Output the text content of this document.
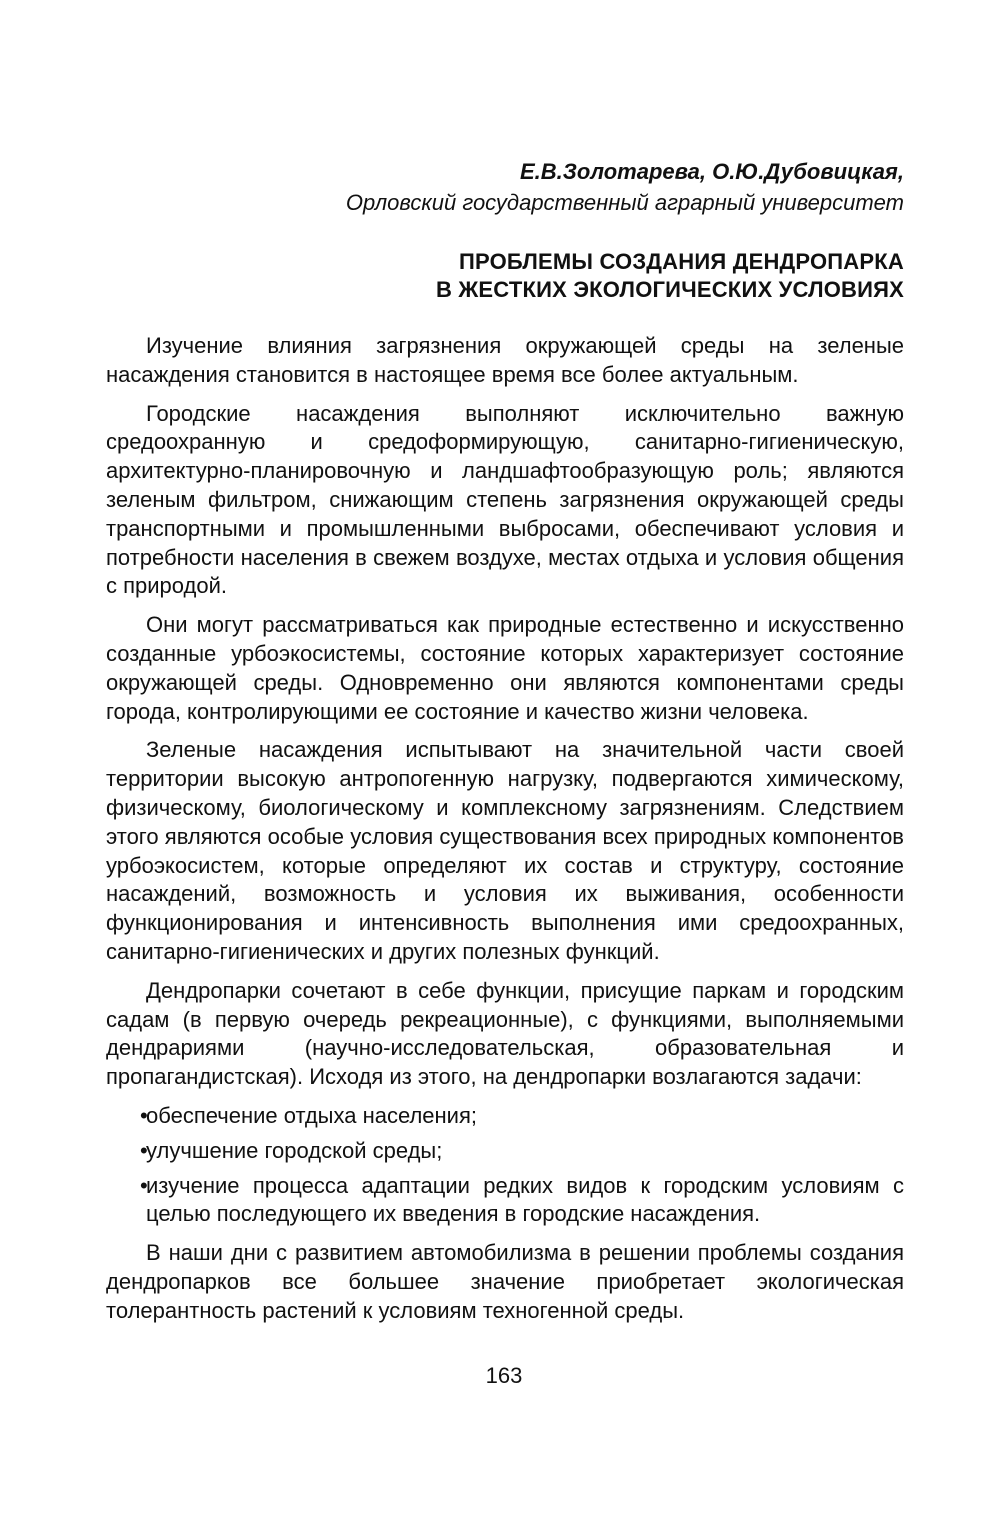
Е.В.Золотарева, О.Ю.Дубовицкая,
Орловский государственный аграрный университет
ПРОБЛЕМЫ СОЗДАНИЯ ДЕНДРОПАРКА
В ЖЕСТКИХ ЭКОЛОГИЧЕСКИХ УСЛОВИЯХ

Изучение влияния загрязнения окружающей среды на зеленые насаждения становится в настоящее время все более актуальным.

Городские насаждения выполняют исключительно важную средоохранную и средоформирующую, санитарно-гигиеническую, архитектурно-планировочную и ландшафтообразующую роль; являются зеленым фильтром, снижающим степень загрязнения окружающей среды транспортными и промышленными выбросами, обеспечивают условия и потребности населения в свежем воздухе, местах отдыха и условия общения с природой.

Они могут рассматриваться как природные естественно и искусственно созданные урбоэкосистемы, состояние которых характеризует состояние окружающей среды. Одновременно они являются компонентами среды города, контролирующими ее состояние и качество жизни человека.

Зеленые насаждения испытывают на значительной части своей территории высокую антропогенную нагрузку, подвергаются химическому, физическому, биологическому и комплексному загрязнениям. Следствием этого являются особые условия существования всех природных компонентов урбоэкосистем, которые определяют их состав и структуру, состояние насаждений, возможность и условия их выживания, особенности функционирования и интенсивность выполнения ими средоохранных, санитарно-гигиенических и других полезных функций.

Дендропарки сочетают в себе функции, присущие паркам и городским садам (в первую очередь рекреационные), с функциями, выполняемыми дендрариями (научно-исследовательская, образовательная и пропагандистская). Исходя из этого, на дендропарки возлагаются задачи:

•
обеспечение отдыха населения;
•
улучшение городской среды;
•
изучение процесса адаптации редких видов к городским условиям с целью последующего их введения в городские насаждения.

В наши дни с развитием автомобилизма в решении проблемы создания дендропарков все большее значение приобретает экологическая толерантность растений к условиям техногенной среды.

163
